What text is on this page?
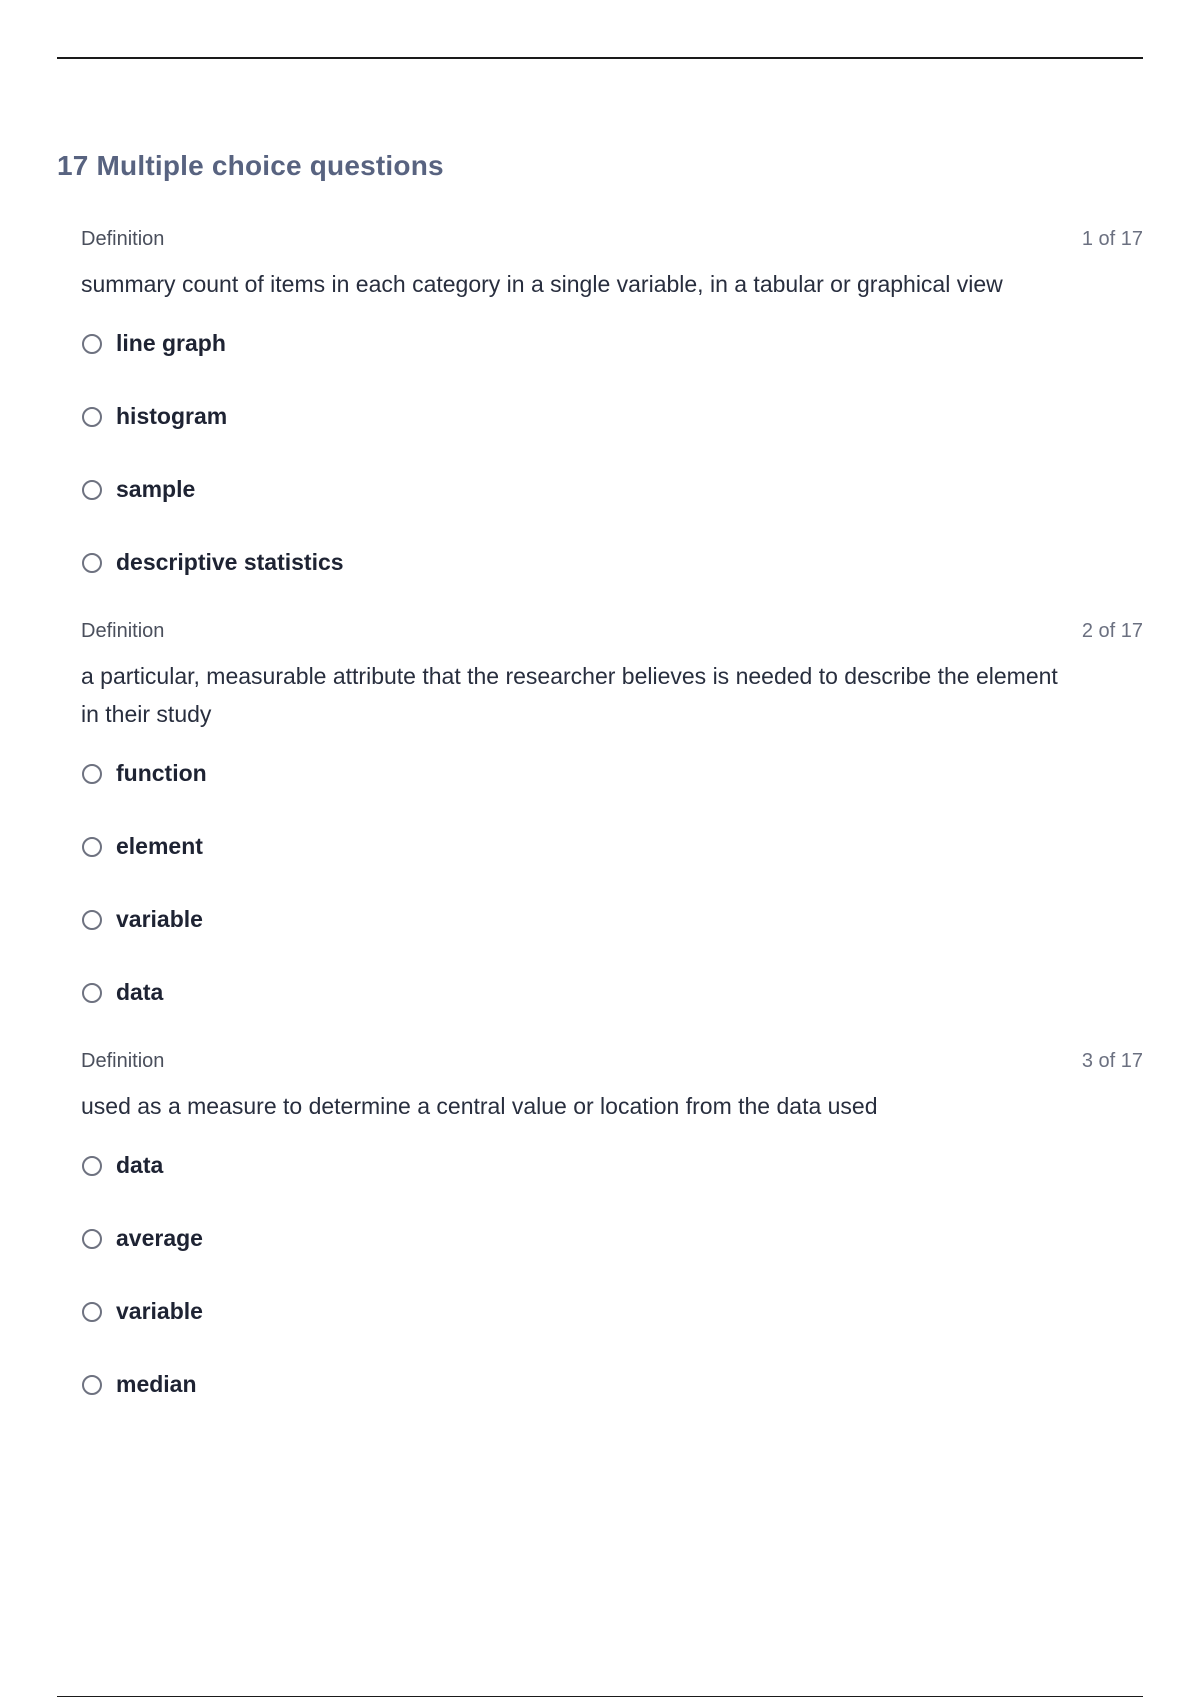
17 Multiple choice questions
Definition	1 of 17
summary count of items in each category in a single variable, in a tabular or graphical view
line graph
histogram
sample
descriptive statistics
Definition	2 of 17
a particular, measurable attribute that the researcher believes is needed to describe the element in their study
function
element
variable
data
Definition	3 of 17
used as a measure to determine a central value or location from the data used
data
average
variable
median
